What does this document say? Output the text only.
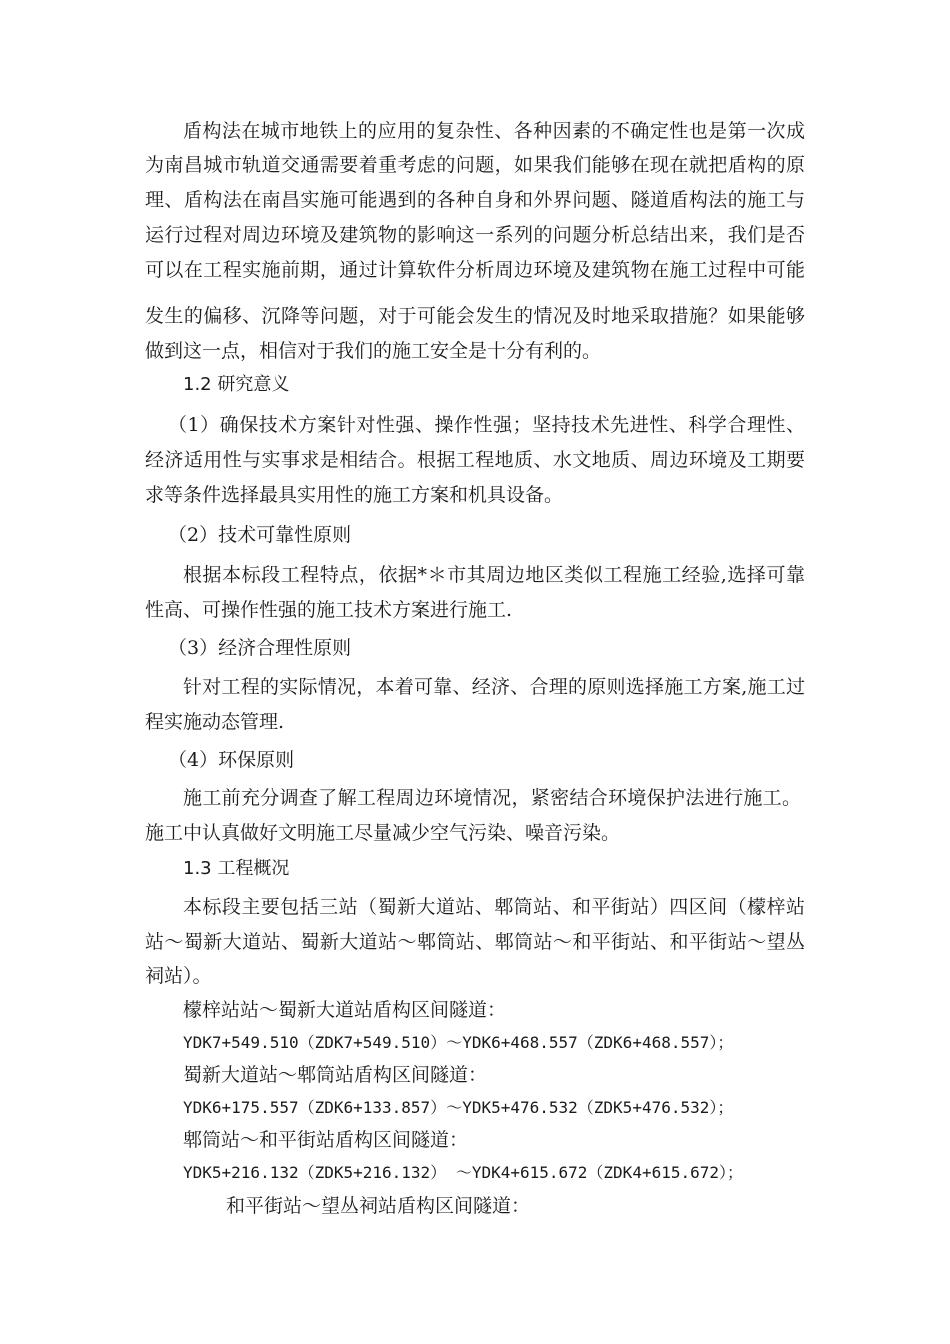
盾构法在城市地铁上的应用的复杂性、各种因素的不确定性也是第一次成
为南昌城市轨道交通需要着重考虑的问题，如果我们能够在现在就把盾构的原
理、盾构法在南昌实施可能遇到的各种自身和外界问题、隧道盾构法的施工与
运行过程对周边环境及建筑物的影响这一系列的问题分析总结出来，我们是否
可以在工程实施前期，通过计算软件分析周边环境及建筑物在施工过程中可能
发生的偏移、沉降等问题，对于可能会发生的情况及时地采取措施？如果能够
做到这一点，相信对于我们的施工安全是十分有利的。
1.2 研究意义
（1）确保技术方案针对性强、操作性强；坚持技术先进性、科学合理性、
经济适用性与实事求是相结合。根据工程地质、水文地质、周边环境及工期要
求等条件选择最具实用性的施工方案和机具设备。
（2）技术可靠性原则
根据本标段工程特点，依据*＊市其周边地区类似工程施工经验,选择可靠
性高、可操作性强的施工技术方案进行施工.
（3）经济合理性原则
针对工程的实际情况，本着可靠、经济、合理的原则选择施工方案,施工过
程实施动态管理.
（4）环保原则
施工前充分调查了解工程周边环境情况，紧密结合环境保护法进行施工。
施工中认真做好文明施工尽量减少空气污染、噪音污染。
1.3 工程概况
本标段主要包括三站（蜀新大道站、郫筒站、和平街站）四区间（檬梓站
站～蜀新大道站、蜀新大道站～郫筒站、郫筒站～和平街站、和平街站～望丛
祠站）。
檬梓站站～蜀新大道站盾构区间隧道：
YDK7+549.510（ZDK7+549.510）～YDK6+468.557（ZDK6+468.557）；
蜀新大道站～郫筒站盾构区间隧道：
YDK6+175.557（ZDK6+133.857）～YDK5+476.532（ZDK5+476.532）；
郫筒站～和平街站盾构区间隧道：
YDK5+216.132（ZDK5+216.132） ～YDK4+615.672（ZDK4+615.672）；
和平街站～望丛祠站盾构区间隧道：
